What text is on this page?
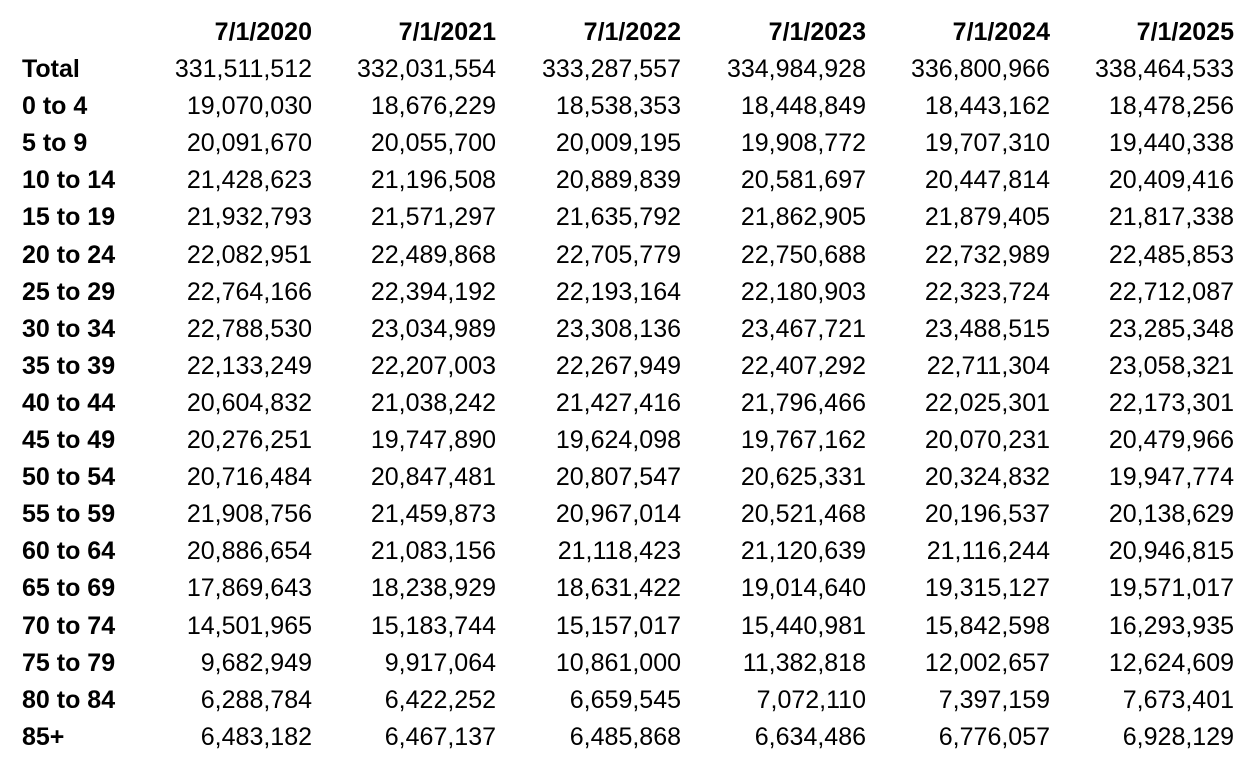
	7/1/2020	7/1/2021	7/1/2022	7/1/2023	7/1/2024	7/1/2025
Total	331,511,512	332,031,554	333,287,557	334,984,928	336,800,966	338,464,533
0 to 4	19,070,030	18,676,229	18,538,353	18,448,849	18,443,162	18,478,256
5 to 9	20,091,670	20,055,700	20,009,195	19,908,772	19,707,310	19,440,338
10 to 14	21,428,623	21,196,508	20,889,839	20,581,697	20,447,814	20,409,416
15 to 19	21,932,793	21,571,297	21,635,792	21,862,905	21,879,405	21,817,338
20 to 24	22,082,951	22,489,868	22,705,779	22,750,688	22,732,989	22,485,853
25 to 29	22,764,166	22,394,192	22,193,164	22,180,903	22,323,724	22,712,087
30 to 34	22,788,530	23,034,989	23,308,136	23,467,721	23,488,515	23,285,348
35 to 39	22,133,249	22,207,003	22,267,949	22,407,292	22,711,304	23,058,321
40 to 44	20,604,832	21,038,242	21,427,416	21,796,466	22,025,301	22,173,301
45 to 49	20,276,251	19,747,890	19,624,098	19,767,162	20,070,231	20,479,966
50 to 54	20,716,484	20,847,481	20,807,547	20,625,331	20,324,832	19,947,774
55 to 59	21,908,756	21,459,873	20,967,014	20,521,468	20,196,537	20,138,629
60 to 64	20,886,654	21,083,156	21,118,423	21,120,639	21,116,244	20,946,815
65 to 69	17,869,643	18,238,929	18,631,422	19,014,640	19,315,127	19,571,017
70 to 74	14,501,965	15,183,744	15,157,017	15,440,981	15,842,598	16,293,935
75 to 79	9,682,949	9,917,064	10,861,000	11,382,818	12,002,657	12,624,609
80 to 84	6,288,784	6,422,252	6,659,545	7,072,110	7,397,159	7,673,401
85+	6,483,182	6,467,137	6,485,868	6,634,486	6,776,057	6,928,129
